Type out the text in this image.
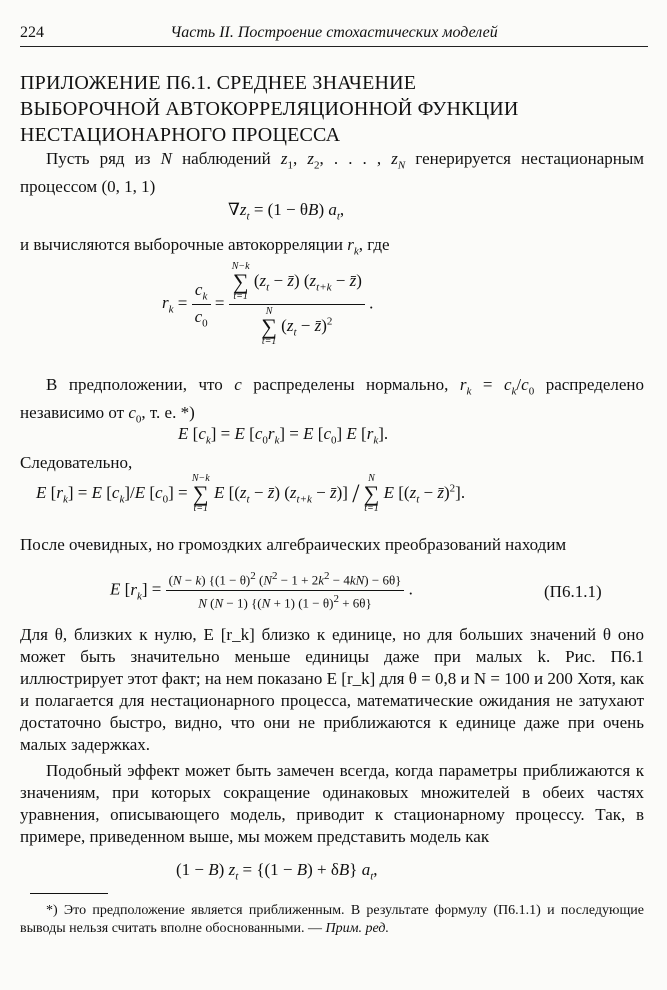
224	Часть II. Построение стохастических моделей
ПРИЛОЖЕНИЕ П6.1. СРЕДНЕЕ ЗНАЧЕНИЕ
ВЫБОРОЧНОЙ АВТОКОРРЕЛЯЦИОННОЙ ФУНКЦИИ
НЕСТАЦИОНАРНОГО ПРОЦЕССА
Пусть ряд из N наблюдений $z_1$, $z_2$, . . . , $z_N$ генерируется нестационарным процессом (0, 1, 1)
$\nabla z_t = (1 - \theta B)$ $a_t$,
и вычисляются выборочные автокорреляции $r_k$, где
$r_k = \frac{c_k}{c_0} = N-k$
∑
t=1
($z_t$ − z̄) ($z_{t+k}$ − z̄)
N
∑
t=1
($z_t$ − z̄)$^2$ .
В предположении, что c распределены нормально, $r_k = c_k/c_0$ распределено независимо от $c_0$, т. е. *)
E $[c_k] = E$ $[c_0r_k] = E$ $[c_0]$ E $[r_k]$.
Следовательно,
E $[r_k] = E$ $[c_k]/E$ $[c_0]$ =
N−k
∑
t=1
E [($z_t$ − z̄) ($z_{t+k}$ − z̄)] /
N
∑
t=1
E [($z_t$ − z̄)$^2$].
После очевидных, но громоздких алгебраических преобразований находим
E $[r_k] = \frac{(N - k) \{(1 - \theta)^2 (N^2 - 1 + 2k^2 - 4kN) - 6\theta\}}{N (N - 1) \{(N + 1) (1 - \theta)^2 + 6\theta\}}$ .	(П6.1.1)
Для θ, близких к нулю, E [r_k] близко к единице, но для больших значений θ оно может быть значительно меньше единицы даже при малых k. Рис. П6.1 иллюстрирует этот факт; на нем показано E [r_k] для θ = 0,8 и N = 100 и 200 Хотя, как и полагается для нестационарного процесса, математические ожидания не затухают достаточно быстро, видно, что они не приближаются к единице даже при очень малых задержках.
Подобный эффект может быть замечен всегда, когда параметры приближаются к значениям, при которых сокращение одинаковых множителей в обеих частях уравнения, описывающего модель, приводит к стационарному процессу. Так, в примере, приведенном выше, мы можем представить модель как
(1 − B) $z_t = \{(1 - B) + \delta B\}$ $a_t$,
*) Это предположение является приближенным. В результате формулу (П6.1.1) и последующие выводы нельзя считать вполне обоснованными. — Прим. ред.
